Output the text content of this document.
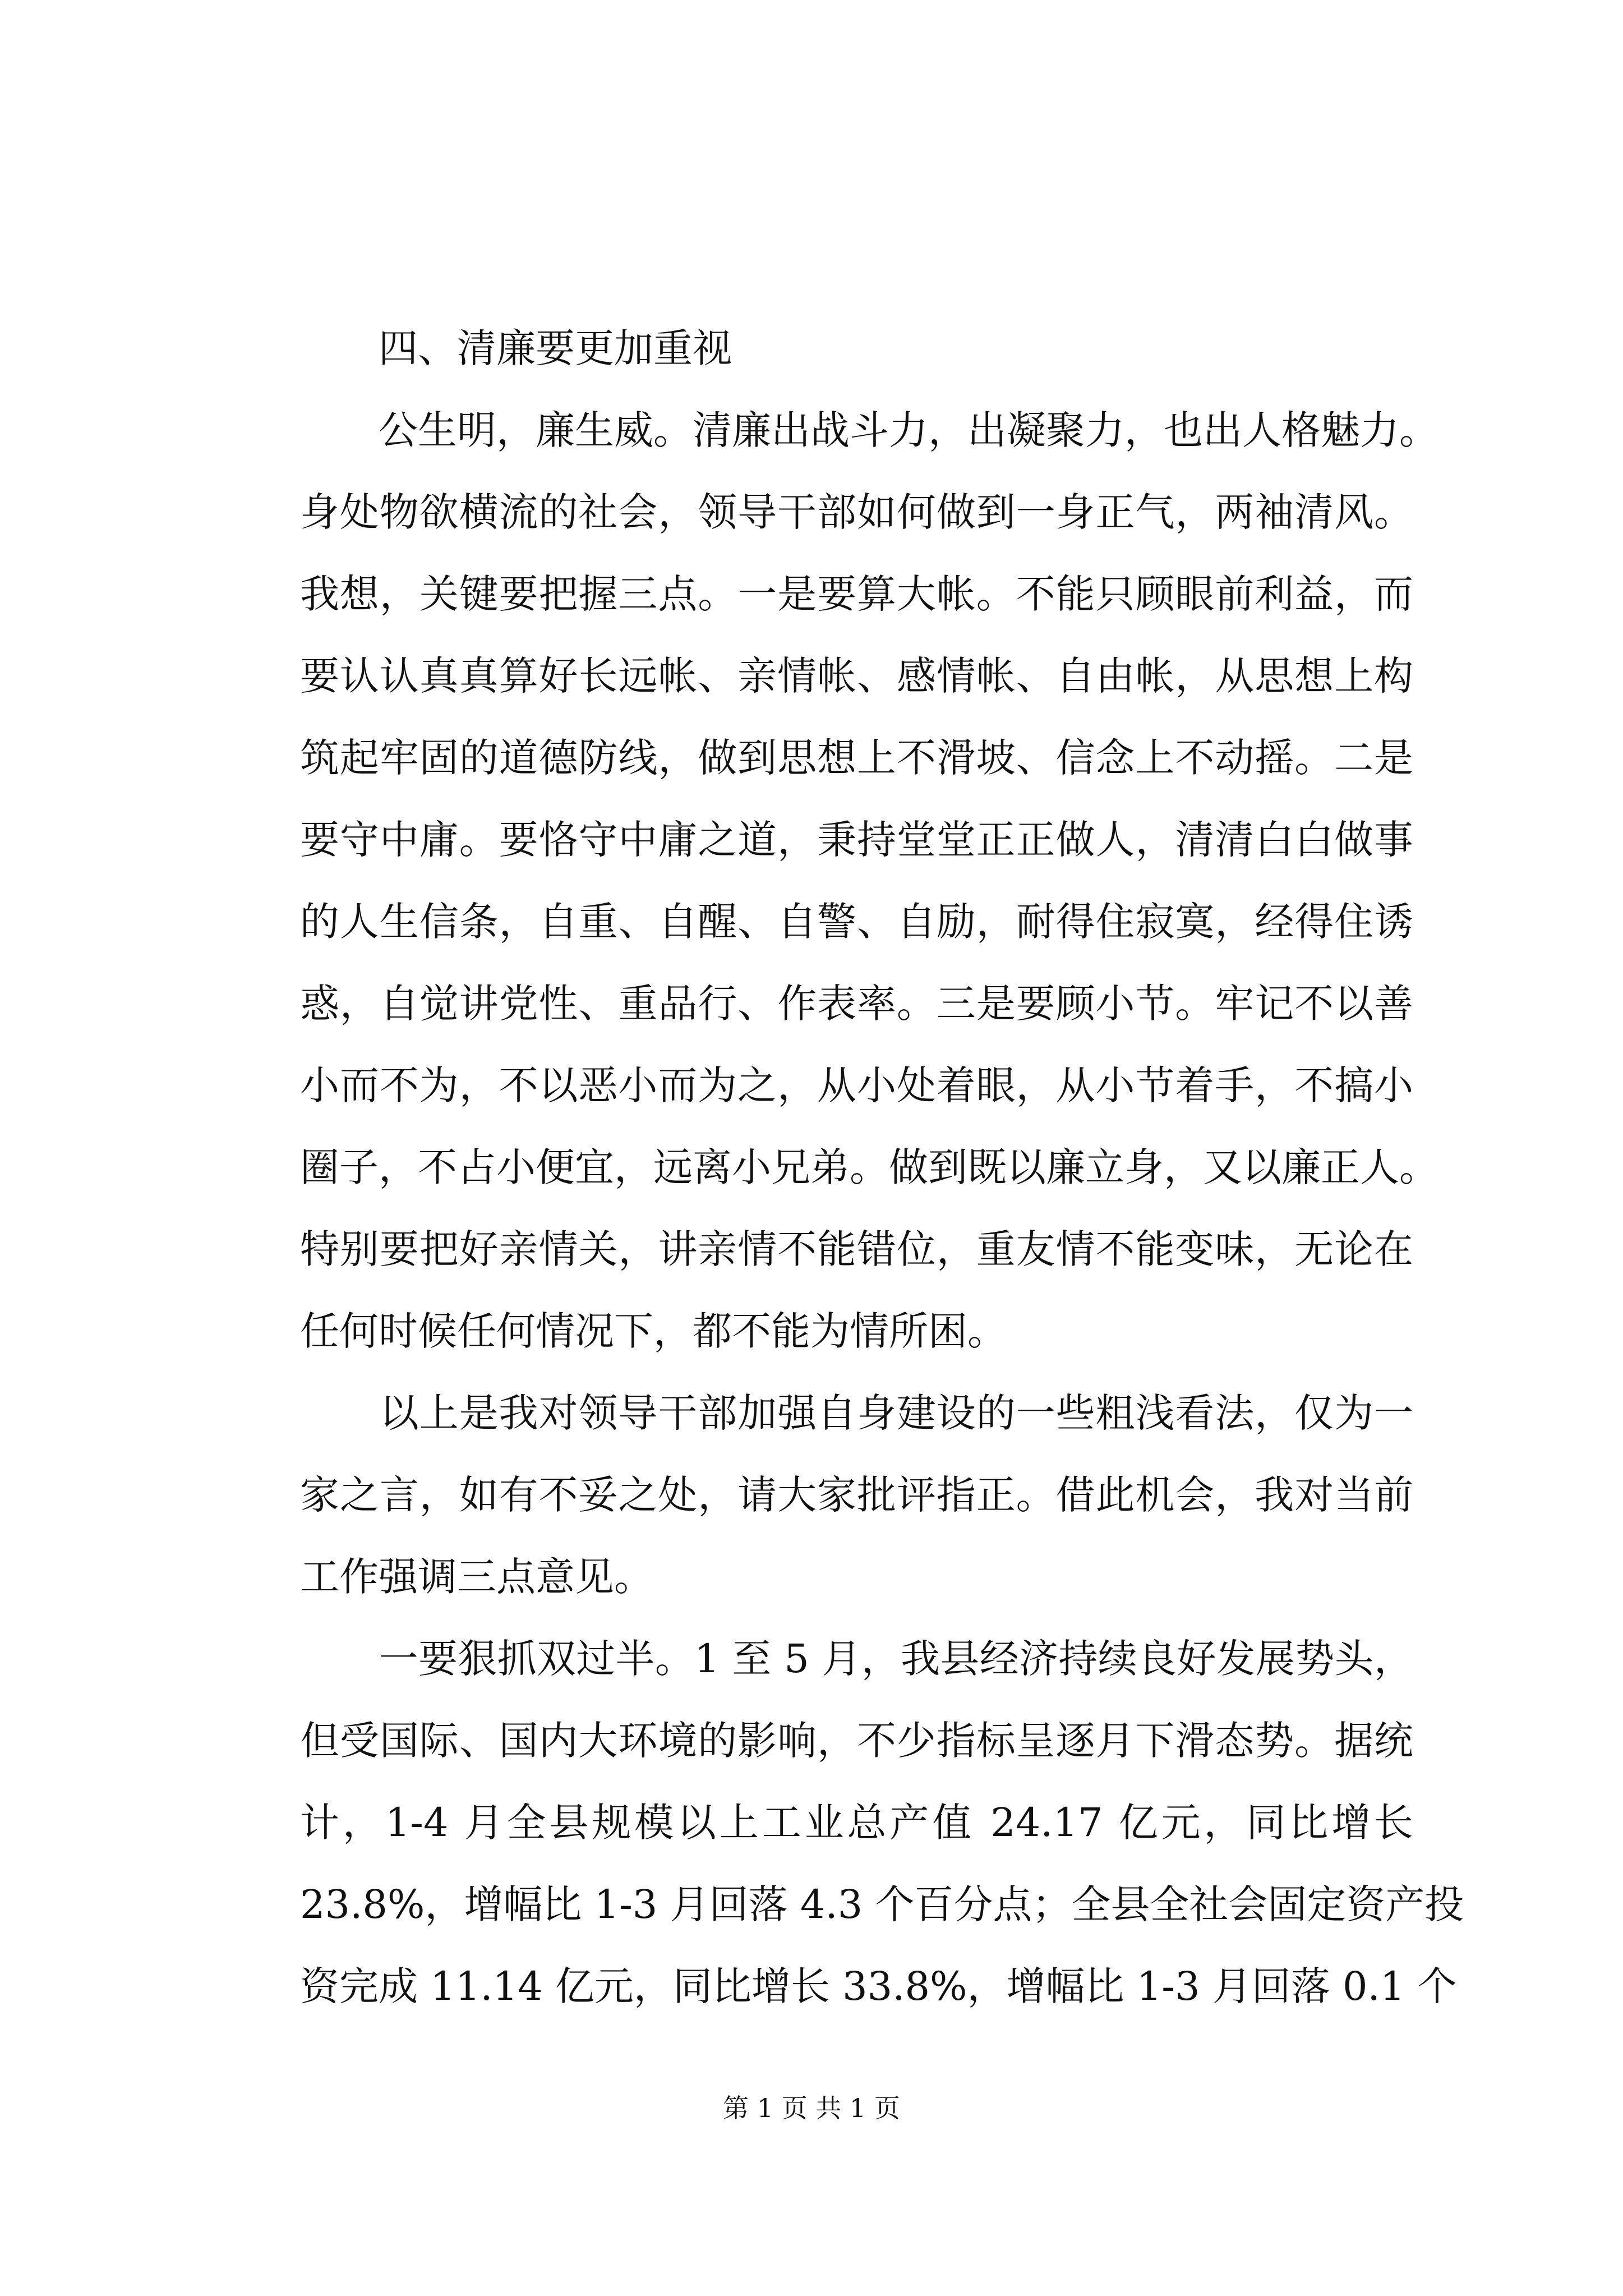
　　四、清廉要更加重视
　　公生明，廉生威。清廉出战斗力，出凝聚力，也出人格魅力。
身处物欲横流的社会，领导干部如何做到一身正气，两袖清风。
我想，关键要把握三点。一是要算大帐。不能只顾眼前利益，而
要认认真真算好长远帐、亲情帐、感情帐、自由帐，从思想上构
筑起牢固的道德防线，做到思想上不滑坡、信念上不动摇。二是
要守中庸。要恪守中庸之道，秉持堂堂正正做人，清清白白做事
的人生信条，自重、自醒、自警、自励，耐得住寂寞，经得住诱
惑，自觉讲党性、重品行、作表率。三是要顾小节。牢记不以善
小而不为，不以恶小而为之，从小处着眼，从小节着手，不搞小
圈子，不占小便宜，远离小兄弟。做到既以廉立身，又以廉正人。
特别要把好亲情关，讲亲情不能错位，重友情不能变味，无论在
任何时候任何情况下，都不能为情所困。
　　以上是我对领导干部加强自身建设的一些粗浅看法，仅为一
家之言，如有不妥之处，请大家批评指正。借此机会，我对当前
工作强调三点意见。
　　一要狠抓双过半。1 至 5 月，我县经济持续良好发展势头，
但受国际、国内大环境的影响，不少指标呈逐月下滑态势。据统
计，1-4 月全县规模以上工业总产值 24.17 亿元，同比增长
23.8%，增幅比 1-3 月回落 4.3 个百分点；全县全社会固定资产投
资完成 11.14 亿元，同比增长 33.8%，增幅比 1-3 月回落 0.1 个
第 1 页 共 1 页
